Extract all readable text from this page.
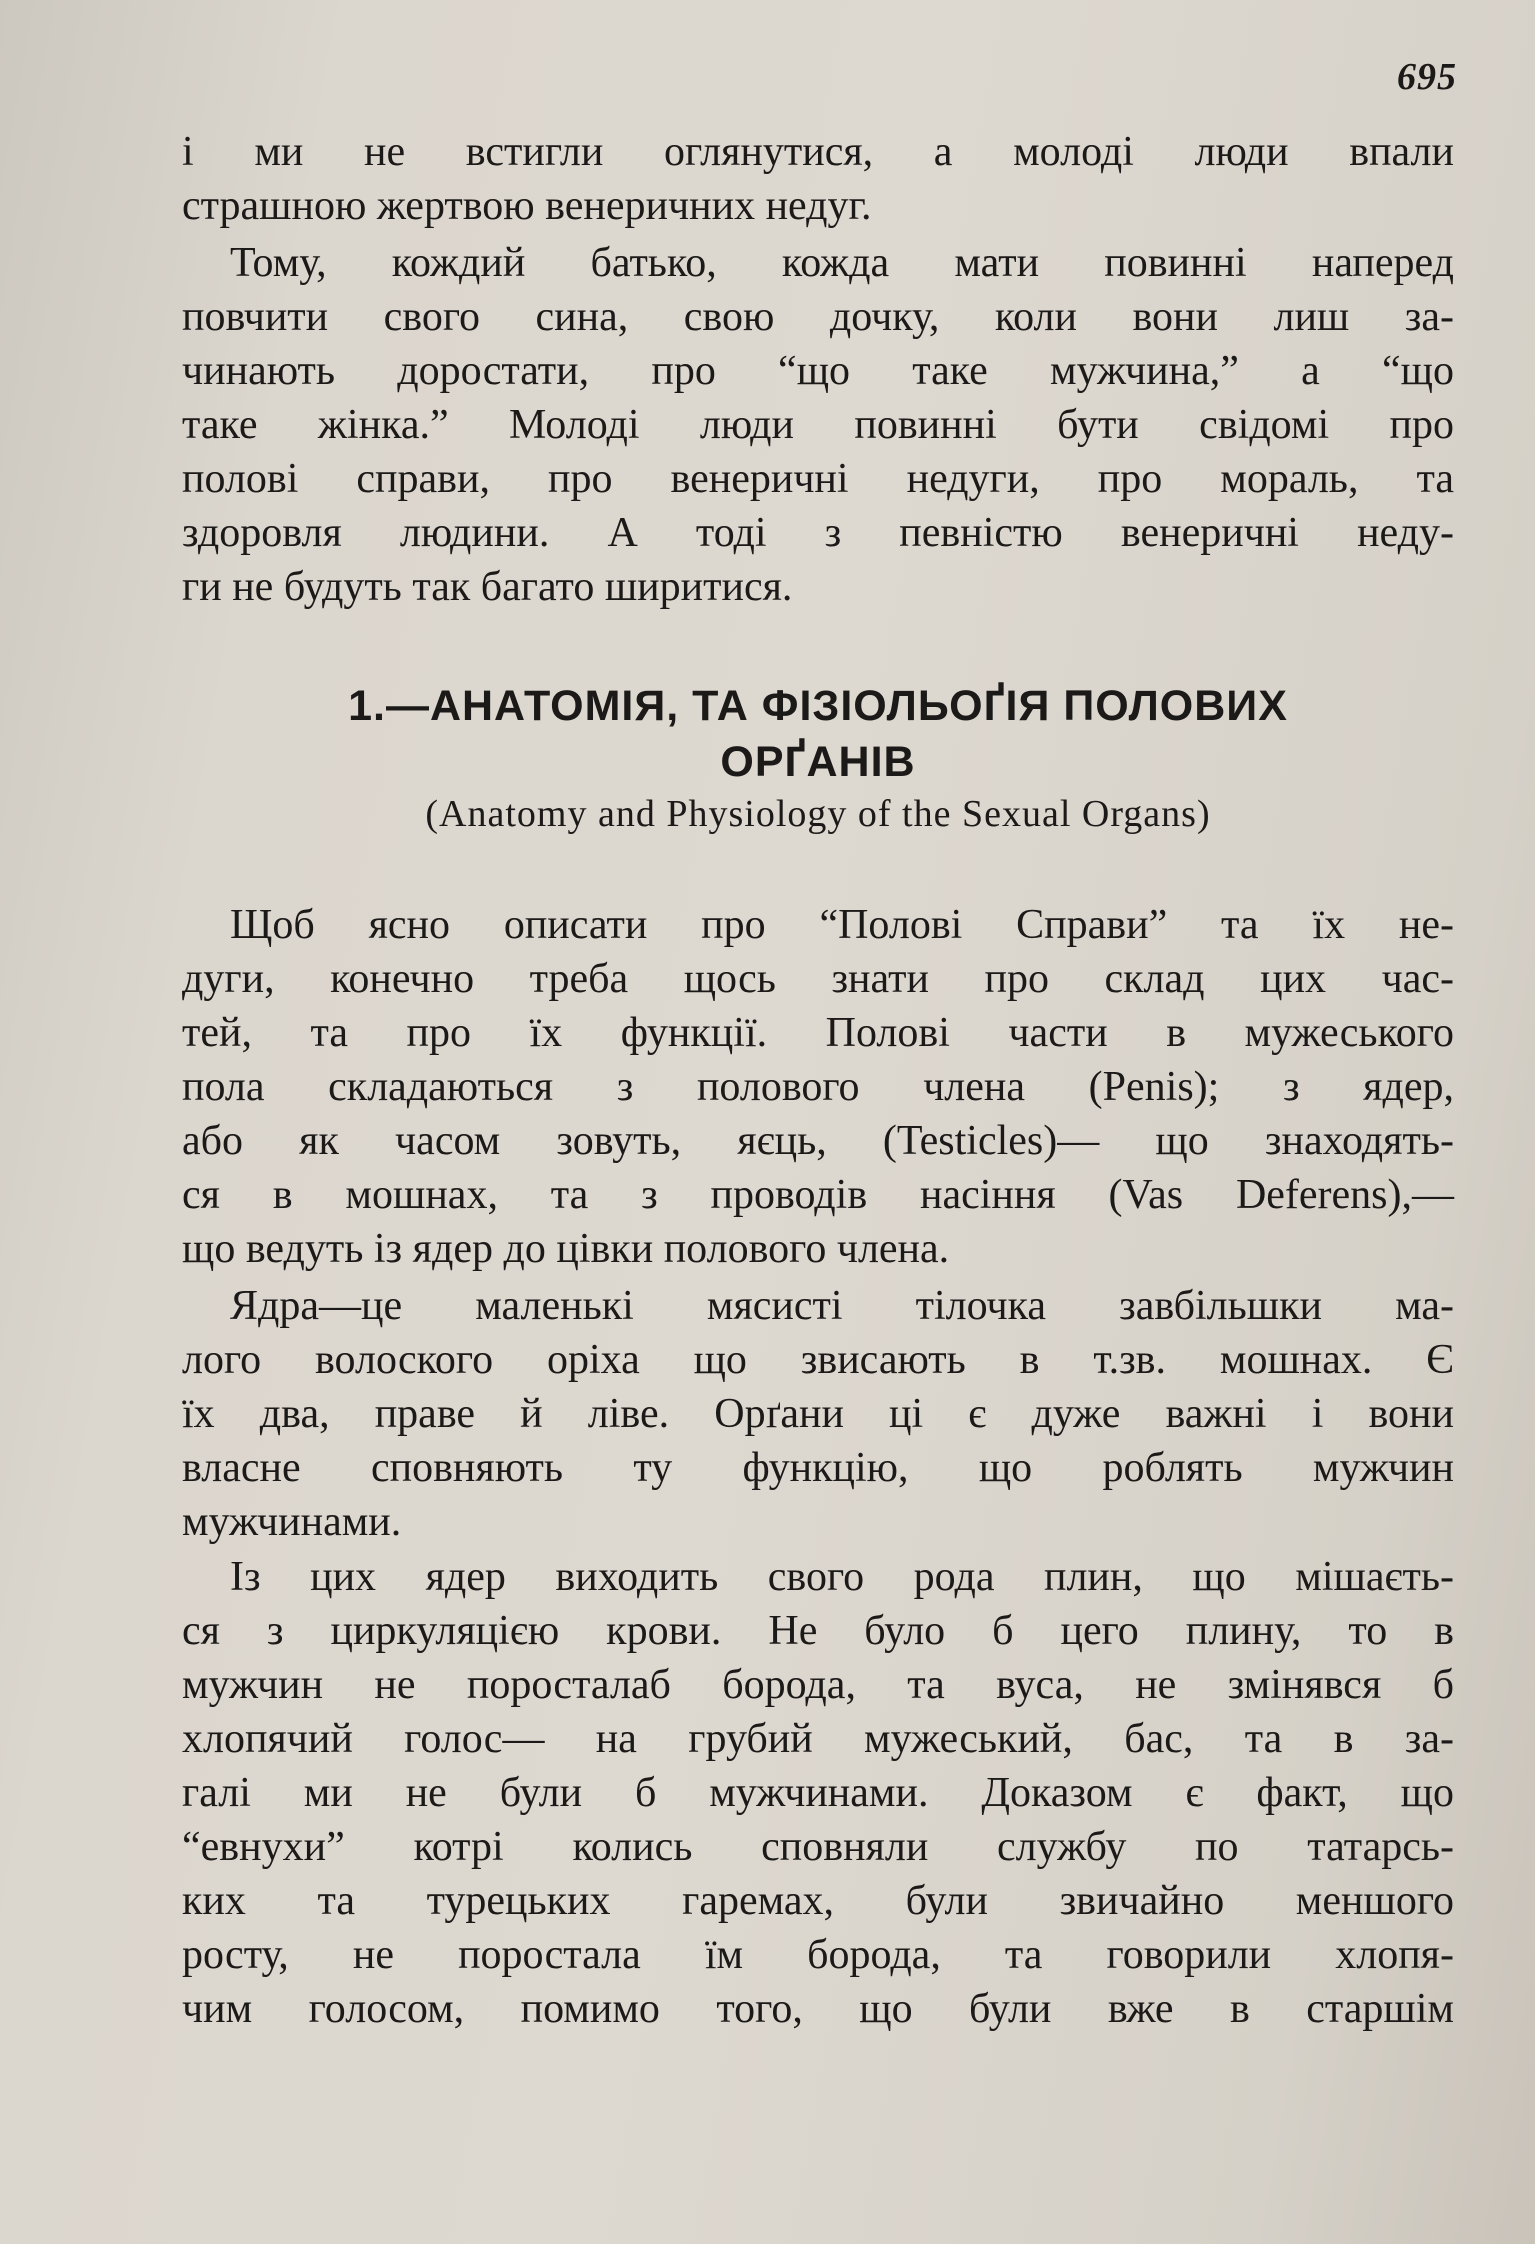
695
і ми не встигли оглянутися, а молоді люди впали
страшною жертвою венеричних недуг.
Тому, кождий батько, кожда мати повинні наперед
повчити свого сина, свою дочку, коли вони лиш за-
чинають доростати, про “що таке мужчина,” а “що
таке жінка.” Молоді люди повинні бути свідомі про
полові справи, про венеричні недуги, про мораль, та
здоровля людини. А тоді з певністю венеричні неду-
ги не будуть так багато ширитися.
1.—АНАТОМІЯ, ТА ФІЗІОЛЬОҐІЯ ПОЛОВИХ
ОРҐАНІВ
(Anatomy and Physiology of the Sexual Organs)
Щоб ясно описати про “Полові Справи” та їх не-
дуги, конечно треба щось знати про склад цих час-
тей, та про їх функції. Полові части в мужеського
пола складаються з полового члена (Penis); з ядер,
або як часом зовуть, яєць, (Testicles)— що знаходять-
ся в мошнах, та з проводів насіння (Vas Deferens),—
що ведуть із ядер до цівки полового члена.
Ядра—це маленькі мясисті тілочка завбільшки ма-
лого волоского оріха що звисають в т.зв. мошнах. Є
їх два, праве й ліве. Орґани ці є дуже важні і вони
власне сповняють ту функцію, що роблять мужчин
мужчинами.
Із цих ядер виходить свого рода плин, що мішаєть-
ся з циркуляцією крови. Не було б цего плину, то в
мужчин не поросталаб борода, та вуса, не змінявся б
хлопячий голос— на грубий мужеський, бас, та в за-
галі ми не були б мужчинами. Доказом є факт, що
“евнухи” котрі колись сповняли службу по татарсь-
ких та турецьких гаремах, були звичайно меншого
росту, не поростала їм борода, та говорили хлопя-
чим голосом, помимо того, що були вже в старшім
